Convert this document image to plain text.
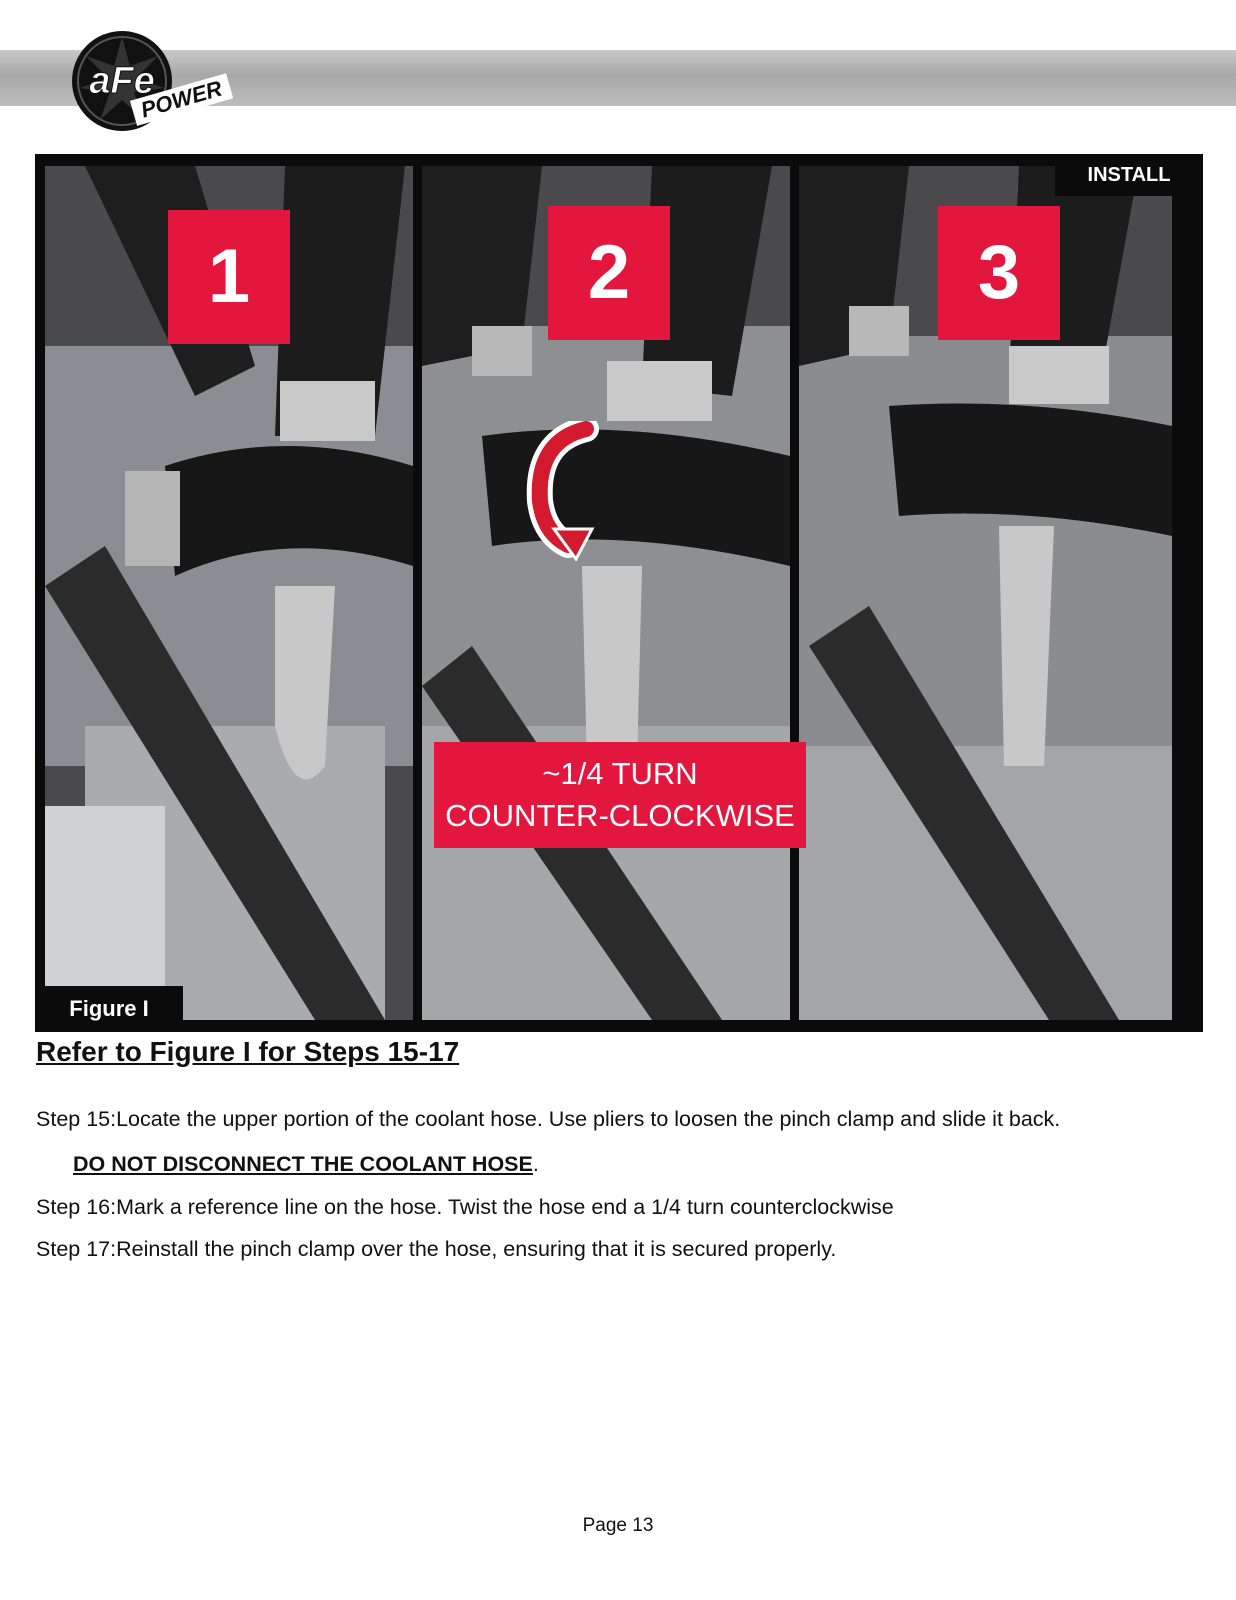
aFe
POWER
1	2	3
~1/4 TURN
COUNTER-CLOCKWISE
INSTALL
Figure I
Refer to Figure I for Steps 15-17

Step 15:Locate the upper portion of the coolant hose. Use pliers to loosen the pinch clamp and slide it back.

DO NOT DISCONNECT THE COOLANT HOSE.

Step 16:Mark a reference line on the hose. Twist the hose end a 1/4 turn counterclockwise

Step 17:Reinstall the pinch clamp over the hose, ensuring that it is secured properly.

Page 13
